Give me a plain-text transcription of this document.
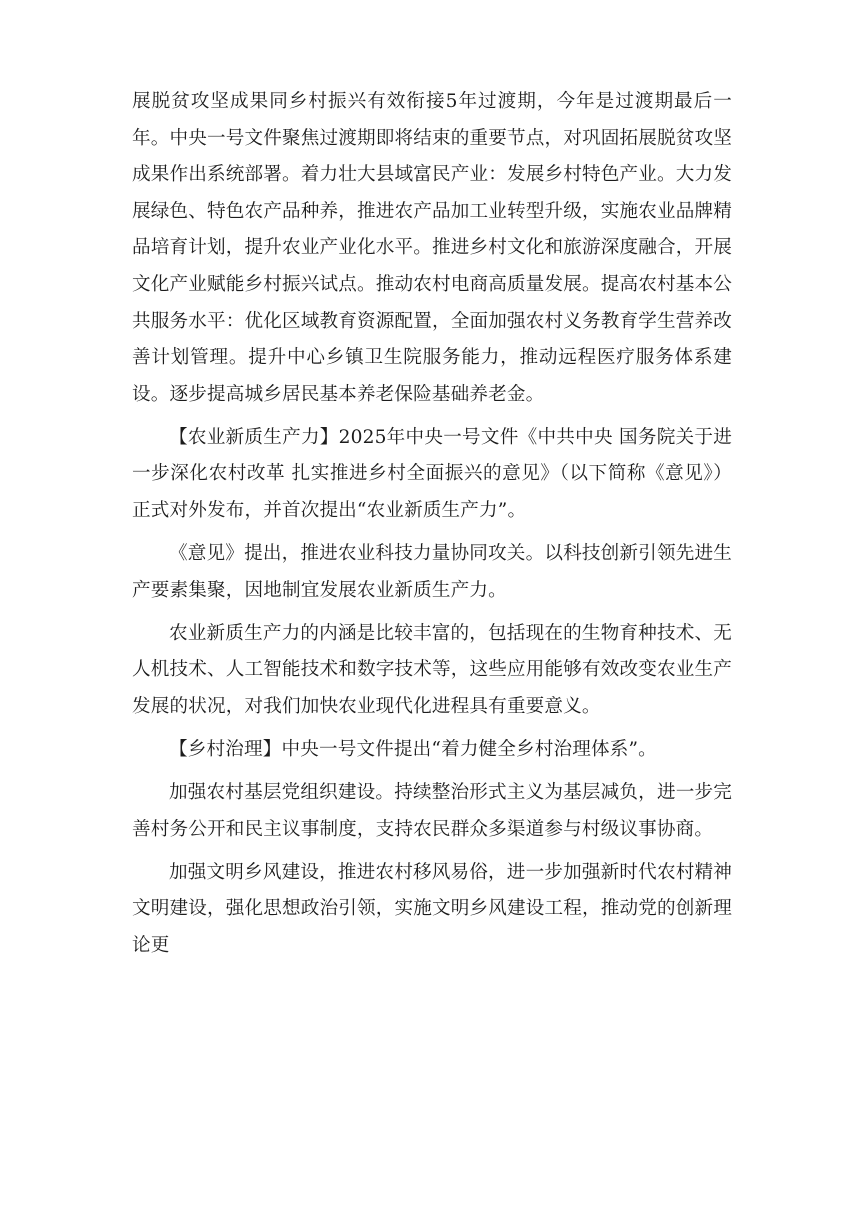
展脱贫攻坚成果同乡村振兴有效衔接5年过渡期，今年是过渡期最后一年。中央一号文件聚焦过渡期即将结束的重要节点，对巩固拓展脱贫攻坚成果作出系统部署。着力壮大县域富民产业：发展乡村特色产业。大力发展绿色、特色农产品种养，推进农产品加工业转型升级，实施农业品牌精品培育计划，提升农业产业化水平。推进乡村文化和旅游深度融合，开展文化产业赋能乡村振兴试点。推动农村电商高质量发展。提高农村基本公共服务水平：优化区域教育资源配置，全面加强农村义务教育学生营养改善计划管理。提升中心乡镇卫生院服务能力，推动远程医疗服务体系建设。逐步提高城乡居民基本养老保险基础养老金。

【农业新质生产力】2025年中央一号文件《中共中央 国务院关于进一步深化农村改革 扎实推进乡村全面振兴的意见》（以下简称《意见》）正式对外发布，并首次提出“农业新质生产力”。

《意见》提出，推进农业科技力量协同攻关。以科技创新引领先进生产要素集聚，因地制宜发展农业新质生产力。

农业新质生产力的内涵是比较丰富的，包括现在的生物育种技术、无人机技术、人工智能技术和数字技术等，这些应用能够有效改变农业生产发展的状况，对我们加快农业现代化进程具有重要意义。

【乡村治理】中央一号文件提出“着力健全乡村治理体系”。

加强农村基层党组织建设。持续整治形式主义为基层减负，进一步完善村务公开和民主议事制度，支持农民群众多渠道参与村级议事协商。

加强文明乡风建设，推进农村移风易俗，进一步加强新时代农村精神文明建设，强化思想政治引领，实施文明乡风建设工程，推动党的创新理论更
